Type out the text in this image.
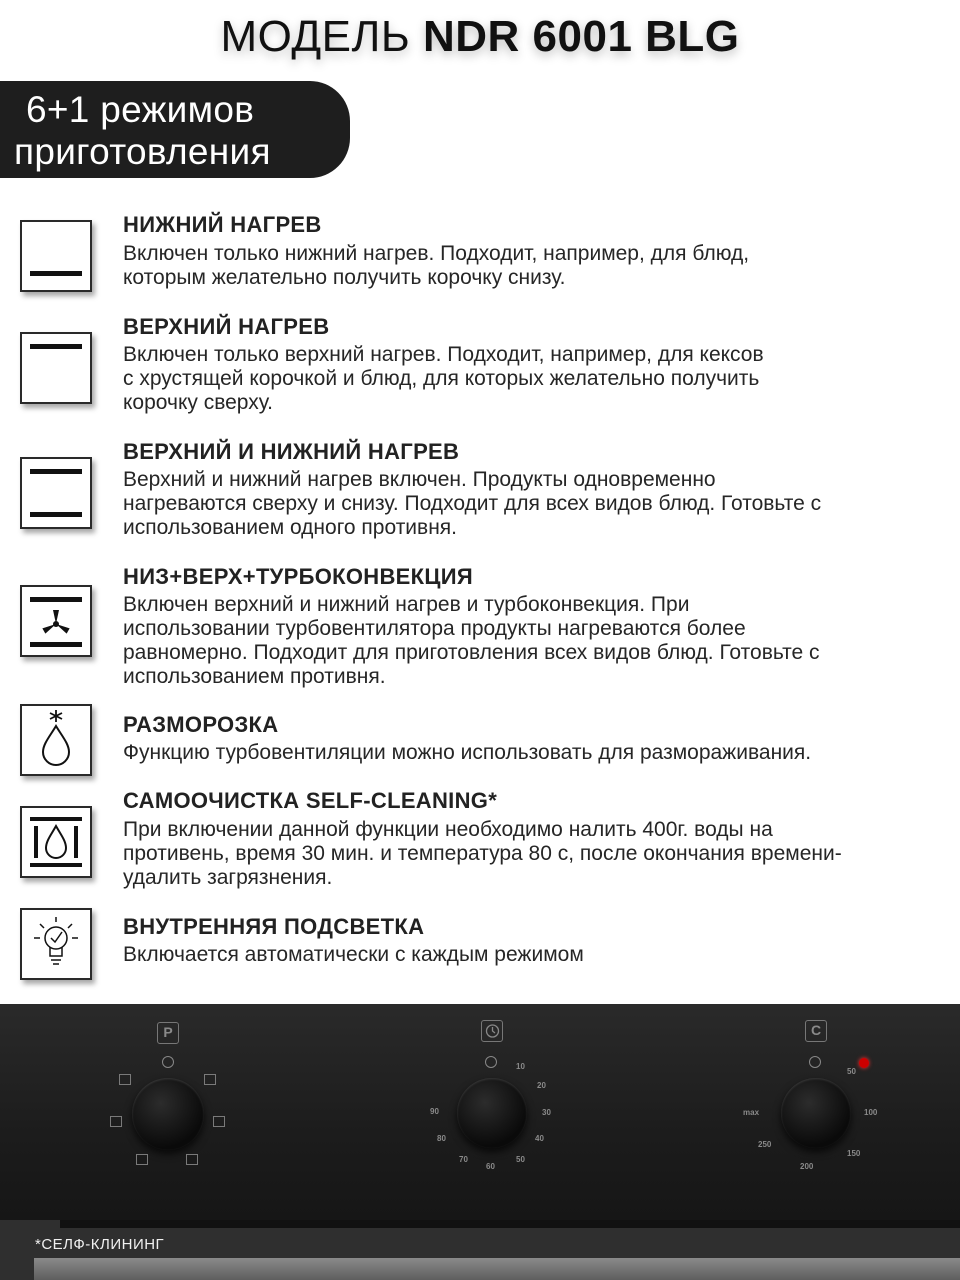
МОДЕЛЬ NDR 6001 BLG
6+1 режимов
приготовления
НИЖНИЙ НАГРЕВ
Включен только нижний нагрев. Подходит, например, для блюд,
которым желательно получить корочку снизу.
ВЕРХНИЙ НАГРЕВ
Включен только верхний нагрев. Подходит, например, для кексов
с хрустящей корочкой и блюд, для которых желательно получить
корочку сверху.
ВЕРХНИЙ И НИЖНИЙ НАГРЕВ
Верхний и нижний нагрев включен. Продукты одновременно
нагреваются сверху и снизу. Подходит для всех видов блюд. Готовьте с
использованием одного противня.
НИЗ+ВЕРХ+ТУРБОКОНВЕКЦИЯ
Включен верхний и нижний нагрев и турбоконвекция. При
использовании турбовентилятора продукты нагреваются более
равномерно. Подходит для приготовления всех видов блюд. Готовьте с
использованием противня.
РАЗМОРОЗКА
Функцию турбовентиляции можно использовать для размораживания.
САМООЧИСТКА SELF-CLEANING*
При включении данной функции необходимо налить 400г. воды на
противень, время 30 мин. и температура 80 с, после окончания времени-
удалить загрязнения.
ВНУТРЕННЯЯ ПОДСВЕТКА
Включается автоматически с каждым режимом
P
10
20
30
40
50
60
70
80
90
C
50
100
150
200
250
max
*СЕЛФ-КЛИНИНГ
